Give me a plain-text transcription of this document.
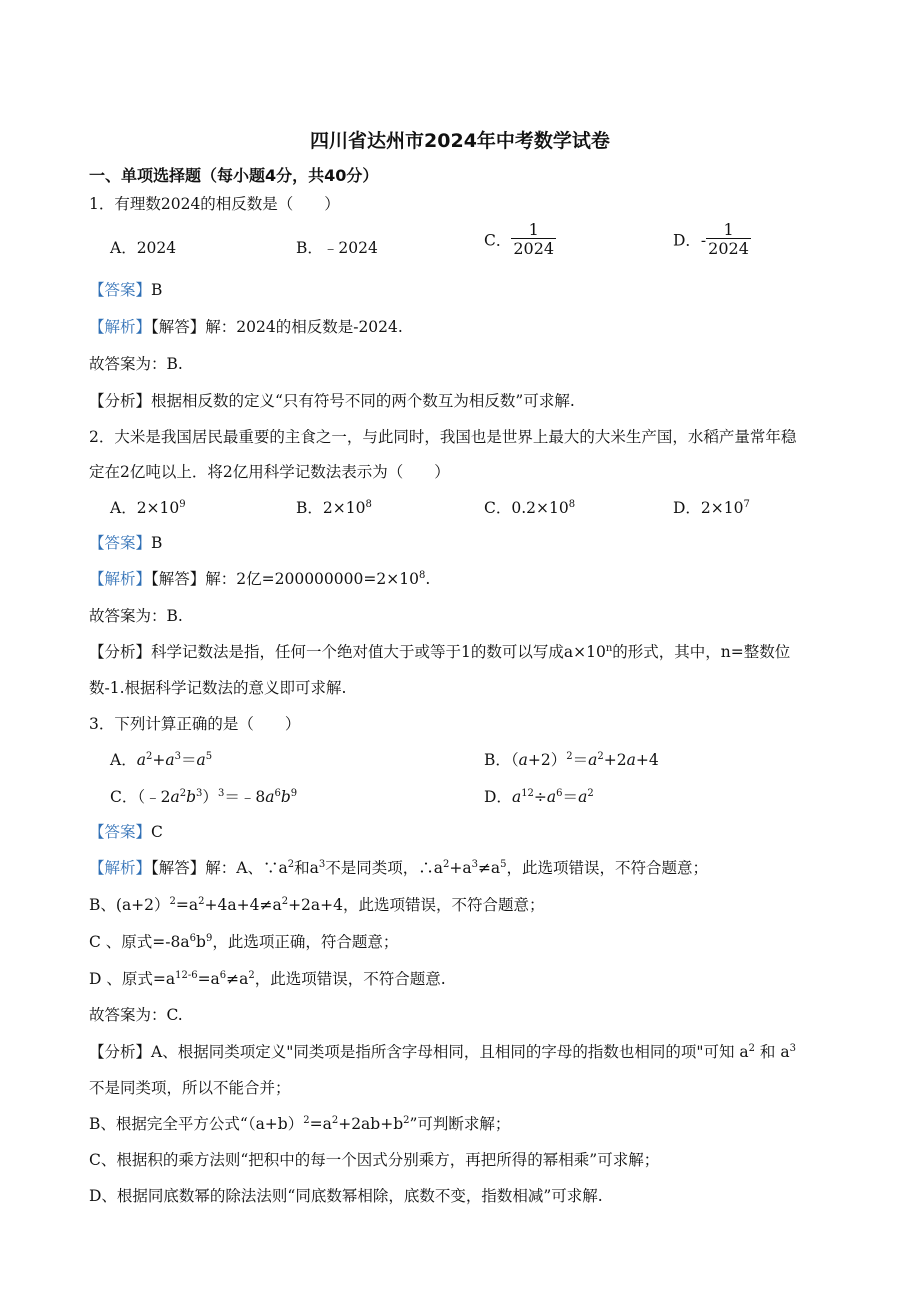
四川省达州市2024年中考数学试卷
一、单项选择题（每小题4分，共40分）
1．有理数2024的相反数是（　　）
A．2024	B．﹣2024	C． $\frac{1}{2024}$	D．- $\frac{1}{2024}$
【答案】B
【解析】【解答】解：2024的相反数是-2024.
故答案为：B.
【分析】根据相反数的定义“只有符号不同的两个数互为相反数”可求解.
2．大米是我国居民最重要的主食之一，与此同时，我国也是世界上最大的大米生产国，水稻产量常年稳
定在2亿吨以上．将2亿用科学记数法表示为（　　）
A．$2\times 10^9$	B．$2\times 10^8$	C．$0.2\times 10^8$	D．$2\times 10^7$
【答案】B
【解析】【解答】解：2亿$=200000000=2\times 10^8$.
故答案为：B.
【分析】科学记数法是指，任何一个绝对值大于或等于1的数可以写成$a\times 10^n$的形式，其中，n=整数位
数-1.根据科学记数法的意义即可求解.
3．下列计算正确的是（　　）
A．$a^2+a^3=a^5$	B．$(a+2)^2=a^2+2a+4$
C．$(﹣2a^2b^3)^3=﹣8a^6b^9$	D．$a^{12}\div a^6=a^2$
【答案】C
【解析】【解答】解：A、$\because a^2$和$a^3$不是同类项，$\therefore a^2+a^3\ne a^5$，此选项错误，不符合题意；
B、$(a+2)^2=a^2+4a+4\ne a^2+2a+4$，此选项错误，不符合题意；
C 、原式$=-8a^6b^9$，此选项正确，符合题意；
D 、原式$=a^{12-6}=a^6\ne a^2$，此选项错误，不符合题意.
故答案为：C.
【分析】A、根据同类项定义"同类项是指所含字母相同，且相同的字母的指数也相同的项"可知 $a^2$ 和 $a^3$
不是同类项，所以不能合并；
B、根据完全平方公式“$(a+b)^2=a^2+2ab+b^2$”可判断求解；
C、根据积的乘方法则“把积中的每一个因式分别乘方，再把所得的幂相乘”可求解；
D、根据同底数幂的除法法则“同底数幂相除，底数不变，指数相减”可求解.
